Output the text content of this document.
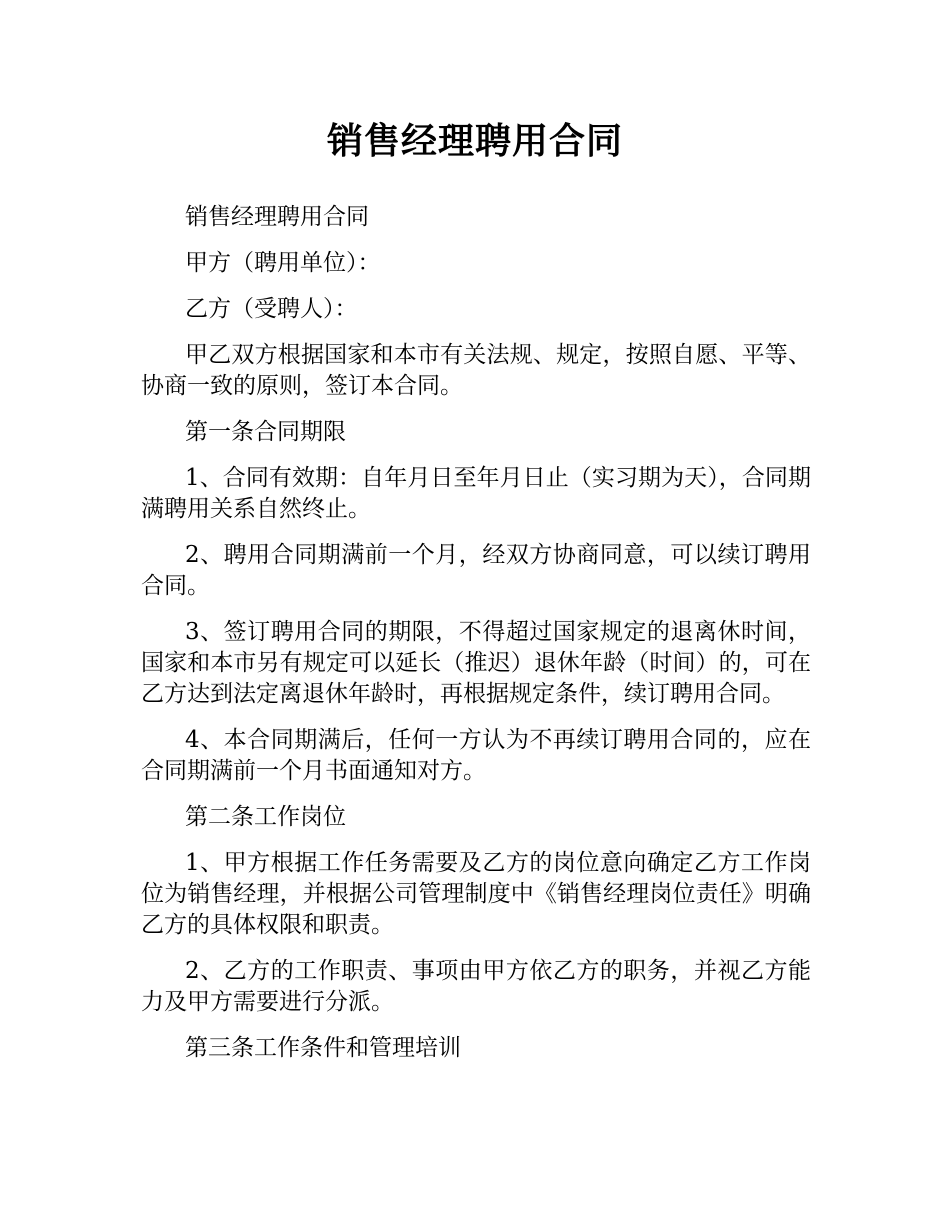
销售经理聘用合同

销售经理聘用合同

甲方（聘用单位）：

乙方（受聘人）：

甲乙双方根据国家和本市有关法规、规定，按照自愿、平等、协商一致的原则，签订本合同。

第一条合同期限

1、合同有效期：自年月日至年月日止（实习期为天），合同期满聘用关系自然终止。

2、聘用合同期满前一个月，经双方协商同意，可以续订聘用合同。

3、签订聘用合同的期限，不得超过国家规定的退离休时间，国家和本市另有规定可以延长（推迟）退休年龄（时间）的，可在乙方达到法定离退休年龄时，再根据规定条件，续订聘用合同。

4、本合同期满后，任何一方认为不再续订聘用合同的，应在合同期满前一个月书面通知对方。

第二条工作岗位

1、甲方根据工作任务需要及乙方的岗位意向确定乙方工作岗位为销售经理，并根据公司管理制度中《销售经理岗位责任》明确乙方的具体权限和职责。

2、乙方的工作职责、事项由甲方依乙方的职务，并视乙方能力及甲方需要进行分派。

第三条工作条件和管理培训
